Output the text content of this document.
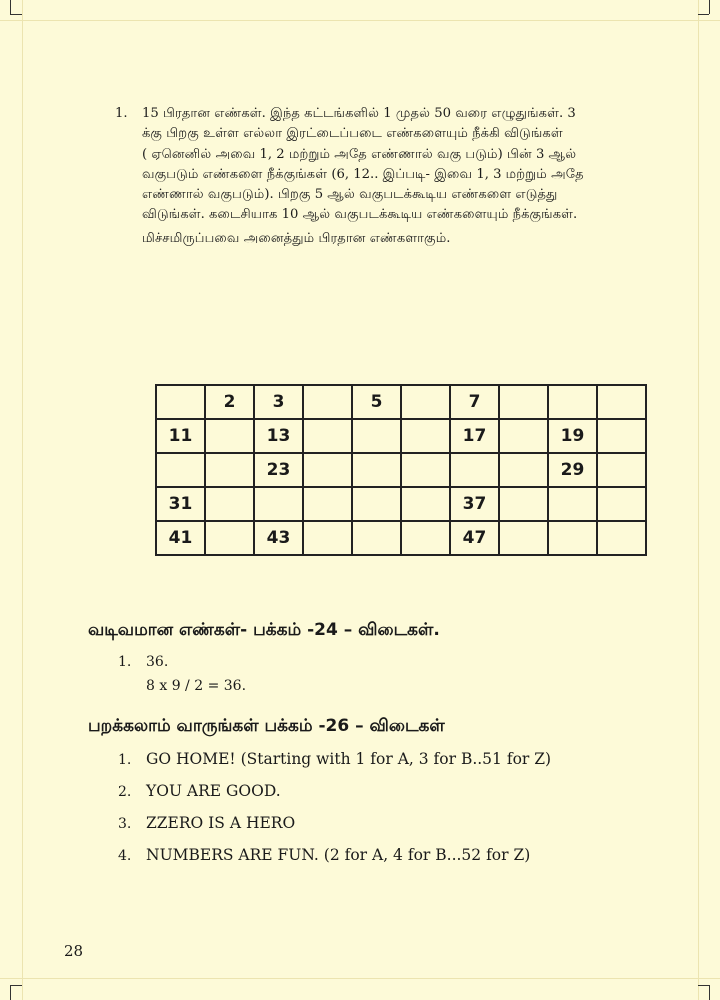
1. 15 பிரதான எண்கள். இந்த கட்டங்களில் 1 முதல் 50 வரை எழுதுங்கள். 3
க்கு பிறகு உள்ள எல்லா இரட்டைப்படை எண்களையும் நீக்கி விடுங்கள்
( ஏனெனில் அவை 1, 2 மற்றும் அதே எண்ணால் வகு படும்) பின் 3 ஆல்
வகுபடும் எண்களை நீக்குங்கள் (6, 12.. இப்படி- இவை 1, 3 மற்றும் அதே
எண்ணால் வகுபடும்). பிறகு 5 ஆல் வகுபடக்கூடிய எண்களை எடுத்து
விடுங்கள். கடைசியாக 10 ஆல் வகுபடக்கூடிய எண்களையும் நீக்குங்கள்.
மிச்சமிருப்பவை அனைத்தும் பிரதான எண்களாகும்.
	2	3		5		7			
11		13				17		19	
		23						29	
31						37			
41		43				47			
வடிவமான எண்கள்- பக்கம் -24 – விடைகள்.
1. 36.
8 x 9 / 2 = 36.
பறக்கலாம் வாருங்கள் பக்கம் -26 – விடைகள்
1. GO HOME! (Starting with 1 for A, 3 for B..51 for Z)
2. YOU ARE GOOD.
3. ZZERO IS A HERO
4. NUMBERS ARE FUN. (2 for A, 4 for B...52 for Z)
28
